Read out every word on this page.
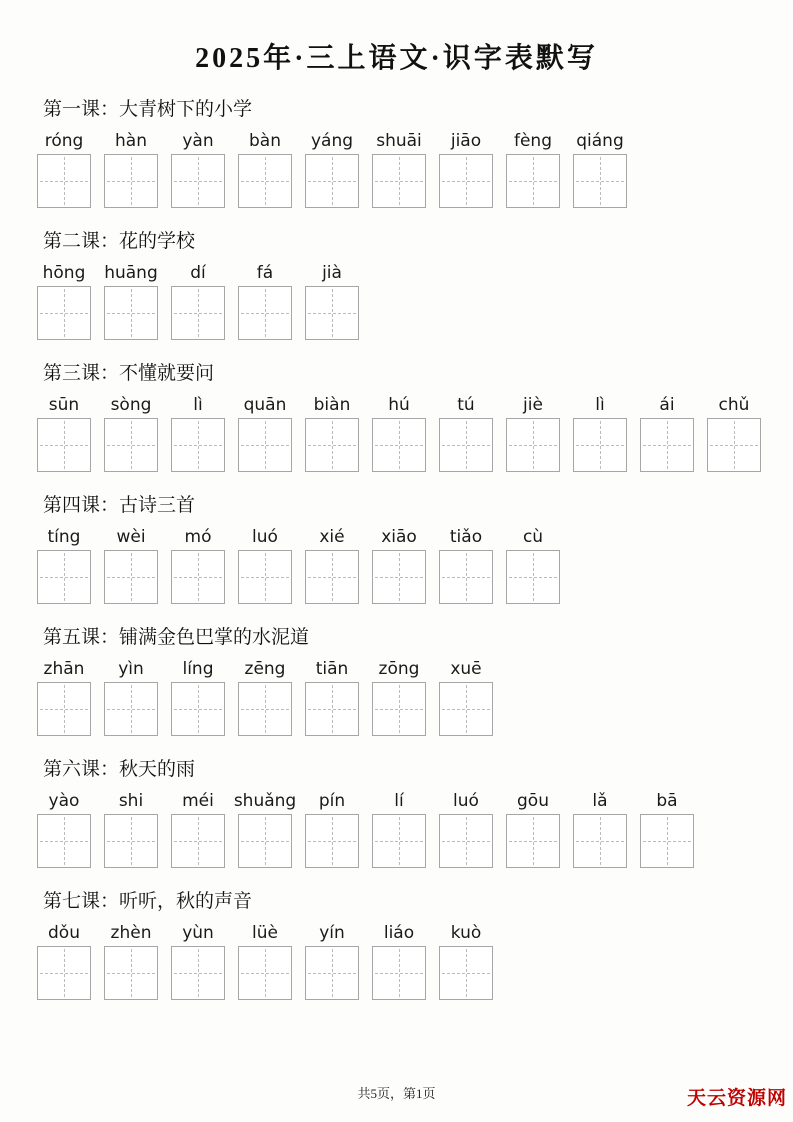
2025年·三上语文·识字表默写
第一课：大青树下的小学
róng hàn yàn bàn yáng shuāi jiāo fèng qiáng
第二课：花的学校
hōng huāng dí	fá	jià
第三课：不懂就要问
sūn sòng lì quān biàn hú	tú	jiè	lì	ái	chǔ
第四课：古诗三首
tíng wèi mó luó xié xiāo tiǎo cù
第五课：铺满金色巴掌的水泥道
zhān yìn líng zēng tiān zōng xuē
第六课：秋天的雨
yào shi méi shuǎng pín	lí	luó gōu	lǎ	bā
第七课：听听，秋的声音
dǒu zhèn yùn lüè yín liáo kuò
共5页，第1页	天云资源网
